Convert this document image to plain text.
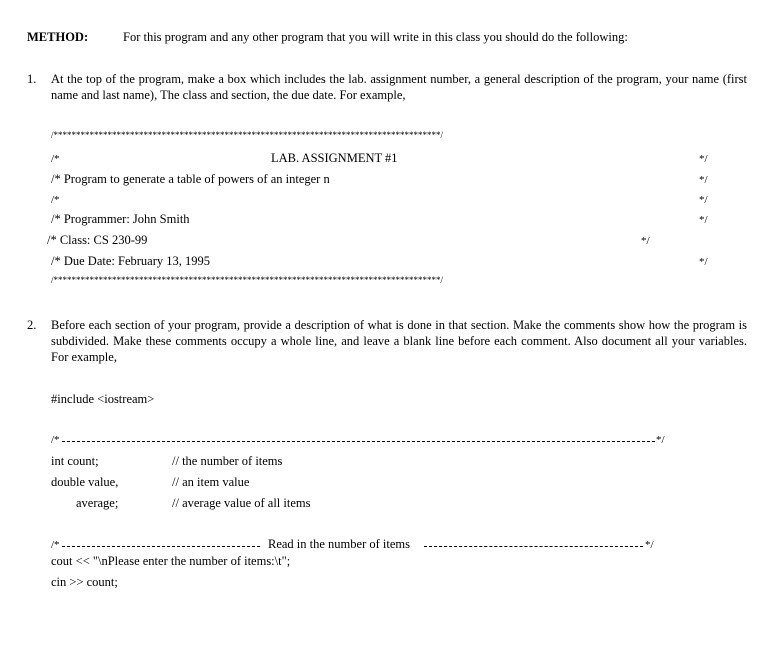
METHOD:	For this program and any other program that you will write in this class you should do the following:
1. At the top of the program, make a box which includes the lab. assignment number, a general description of the program, your name (first name and last name), The class and section, the due date. For example,
/**************************************************************************************/
/*	LAB. ASSIGNMENT #1	*/
/* Program to generate a table of powers of an integer n	*/
/*	*/
/* Programmer: John Smith	*/
/* Class: CS 230-99	*/
/* Due Date: February 13, 1995	*/
/**************************************************************************************/
2. Before each section of your program, provide a description of what is done in that section. Make the comments show how the program is subdivided. Make these comments occupy a whole line, and leave a blank line before each comment. Also document all your variables. For example,
#include <iostream>
/*	*/
int count;	// the number of items
double value,	// an item value
average;	// average value of all items
/*	Read in the number of items	*/
cout << "\nPlease enter the number of items:\t";
cin >> count;
